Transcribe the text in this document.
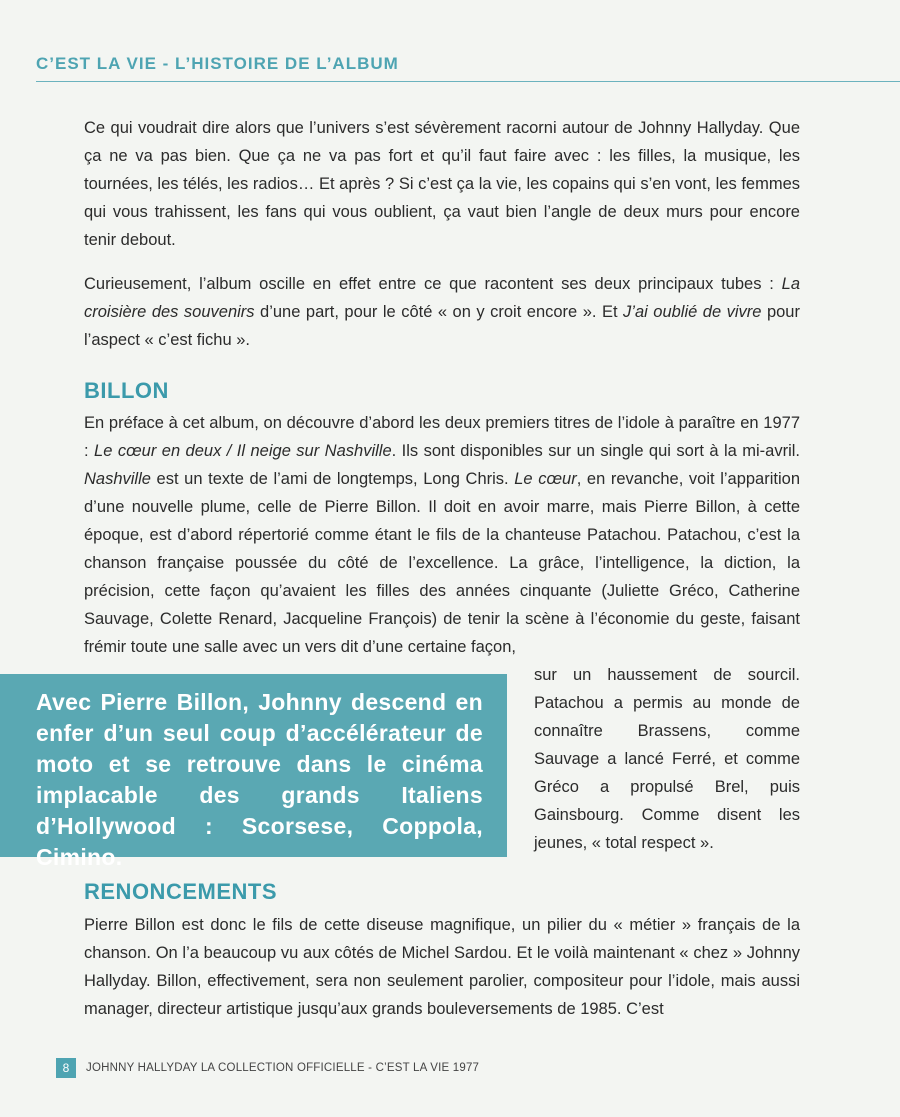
C’EST LA VIE - L’HISTOIRE DE L’ALBUM
Ce qui voudrait dire alors que l’univers s’est sévèrement racorni autour de Johnny Hallyday. Que ça ne va pas bien. Que ça ne va pas fort et qu’il faut faire avec : les filles, la musique, les tournées, les télés, les radios… Et après ? Si c’est ça la vie, les copains qui s’en vont, les femmes qui vous trahissent, les fans qui vous oublient, ça vaut bien l’angle de deux murs pour encore tenir debout.
Curieusement, l’album oscille en effet entre ce que racontent ses deux principaux tubes : La croisière des souvenirs d’une part, pour le côté « on y croit encore ». Et J’ai oublié de vivre pour l’aspect « c’est fichu ».
BILLON
En préface à cet album, on découvre d’abord les deux premiers titres de l’idole à paraître en 1977 : Le cœur en deux / Il neige sur Nashville. Ils sont disponibles sur un single qui sort à la mi-avril. Nashville est un texte de l’ami de longtemps, Long Chris. Le cœur, en revanche, voit l’apparition d’une nouvelle plume, celle de Pierre Billon. Il doit en avoir marre, mais Pierre Billon, à cette époque, est d’abord répertorié comme étant le fils de la chanteuse Patachou. Patachou, c’est la chanson française poussée du côté de l’excellence. La grâce, l’intelligence, la diction, la précision, cette façon qu’avaient les filles des années cinquante (Juliette Gréco, Catherine Sauvage, Colette Renard, Jacqueline François) de tenir la scène à l’économie du geste, faisant frémir toute une salle avec un vers dit d’une certaine façon,
sur un haussement de sourcil. Patachou a permis au monde de connaître Brassens, comme Sauvage a lancé Ferré, et comme Gréco a propulsé Brel, puis Gainsbourg. Comme disent les jeunes, « total respect ».

Avec Pierre Billon, Johnny descend en enfer d’un seul coup d’accélérateur de moto et se retrouve dans le cinéma implacable des grands Italiens d’Hollywood : Scorsese, Coppola, Cimino.

RENONCEMENTS
Pierre Billon est donc le fils de cette diseuse magnifique, un pilier du « métier » français de la chanson. On l’a beaucoup vu aux côtés de Michel Sardou. Et le voilà maintenant « chez » Johnny Hallyday. Billon, effectivement, sera non seulement parolier, compositeur pour l’idole, mais aussi manager, directeur artistique jusqu’aux grands bouleversements de 1985. C’est
8	JOHNNY HALLYDAY LA COLLECTION OFFICIELLE - C’EST LA VIE 1977
